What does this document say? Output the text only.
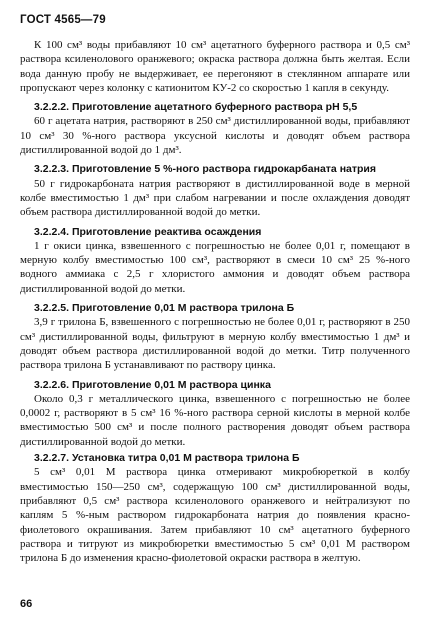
ГОСТ 4565—79

К 100 см³ воды прибавляют 10 см³ ацетатного буферного раствора и 0,5 см³ раствора ксиленолового оранжевого; окраска раствора должна быть желтая. Если вода данную пробу не выдерживает, ее перегоняют в стеклянном аппарате или пропускают через колонку с катионитом КУ-2 со скоростью 1 капля в секунду.

3.2.2.2. Приготовление ацетатного буферного раствора рН 5,5

60 г ацетата натрия, растворяют в 250 см³ дистиллированной воды, прибавляют 10 см³ 30 %-ного раствора уксусной кислоты и доводят объем раствора дистиллированной водой до 1 дм³.

3.2.2.3. Приготовление 5 %-ного раствора гидрокарбаната натрия

50 г гидрокарбоната натрия растворяют в дистиллированной воде в мерной колбе вместимостью 1 дм³ при слабом нагревании и после охлаждения доводят объем раствора дистиллированной водой до метки.

3.2.2.4. Приготовление реактива осаждения

1 г окиси цинка, взвешенного с погрешностью не более 0,01 г, помещают в мерную колбу вместимостью 100 см³, растворяют в смеси 10 см³ 25 %-ного водного аммиака с 2,5 г хлористого аммония и доводят объем раствора дистиллированной водой до метки.

3.2.2.5. Приготовление 0,01 М раствора трилона Б

3,9 г трилона Б, взвешенного с погрешностью не более 0,01 г, растворяют в 250 см³ дистиллированной воды, фильтруют в мерную колбу вместимостью 1 дм³ и доводят объем раствора дистиллированной водой до метки. Титр полученного раствора трилона Б устанавливают по раствору цинка.

3.2.2.6. Приготовление 0,01 М раствора цинка

Около 0,3 г металлического цинка, взвешенного с погрешностью не более 0,0002 г, растворяют в 5 см³ 16 %-ного раствора серной кислоты в мерной колбе вместимостью 500 см³ и после полного растворения доводят объем раствора дистиллированной водой до метки.

3.2.2.7. Установка титра 0,01 М раствора трилона Б

5 см³ 0,01 М раствора цинка отмеривают микробюреткой в колбу вместимостью 150—250 см³, содержащую 100 см³ дистиллированной воды, прибавляют 0,5 см³ раствора ксиленолового оранжевого и нейтрализуют по каплям 5 %-ным раствором гидрокарбоната натрия до появления красно-фиолетового окрашивания. Затем прибавляют 10 см³ ацетатного буферного раствора и титруют из микробюретки вместимостью 5 см³ 0,01 М раствором трилона Б до изменения красно-фиолетовой окраски раствора в желтую.

66
